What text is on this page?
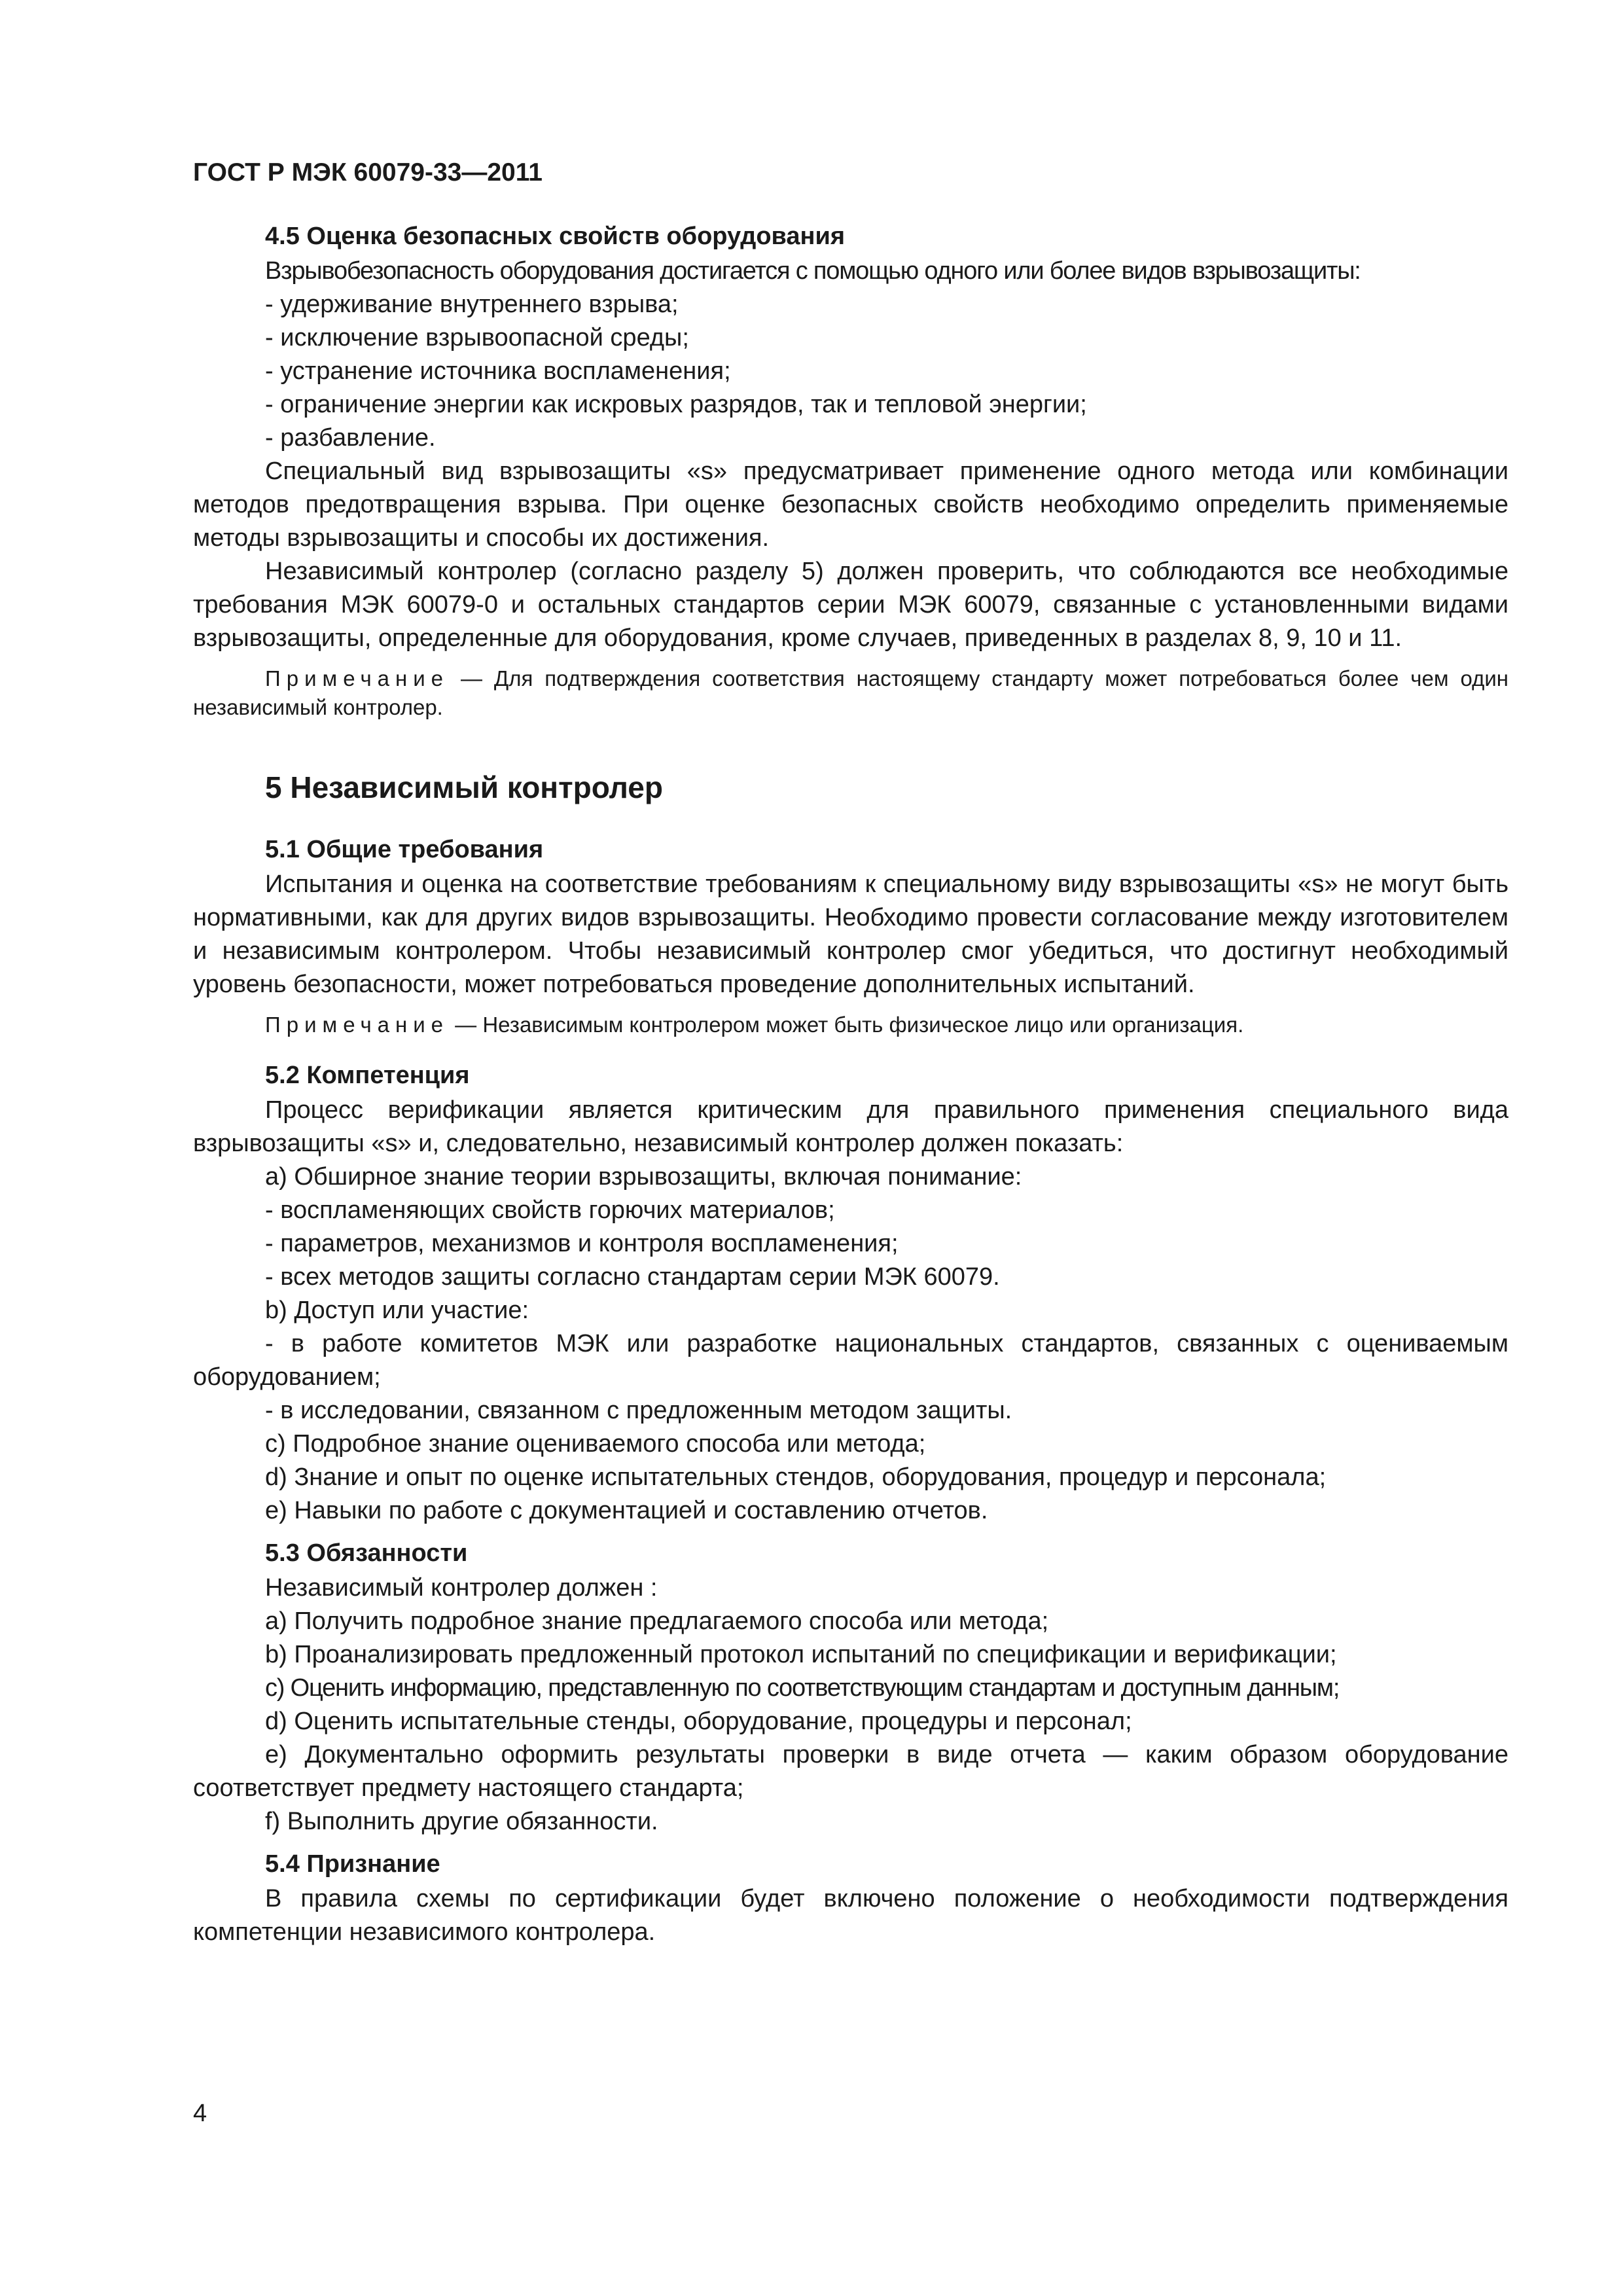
ГОСТ Р МЭК 60079-33—2011
4.5 Оценка безопасных свойств оборудования

Взрывобезопасность оборудования достигается с помощью одного или более видов взрывозащиты:

- удерживание внутреннего взрыва;

- исключение взрывоопасной среды;

- устранение источника воспламенения;

- ограничение энергии как искровых разрядов, так и тепловой энергии;

- разбавление.

Специальный вид взрывозащиты «s» предусматривает применение одного метода или комбинации методов предотвращения взрыва. При оценке безопасных свойств необходимо определить применяемые методы взрывозащиты и способы их достижения.

Независимый контролер (согласно разделу 5) должен проверить, что соблюдаются все необходимые требования МЭК 60079-0 и остальных стандартов серии МЭК 60079, связанные с установленными видами взрывозащиты, определенные для оборудования, кроме случаев, приведенных в разделах 8, 9, 10 и 11.

Примечание — Для подтверждения соответствия настоящему стандарту может потребоваться более чем один независимый контролер.

5 Независимый контролер
5.1 Общие требования

Испытания и оценка на соответствие требованиям к специальному виду взрывозащиты «s» не могут быть нормативными, как для других видов взрывозащиты. Необходимо провести согласование между изготовителем и независимым контролером. Чтобы независимый контролер смог убедиться, что достигнут необходимый уровень безопасности, может потребоваться проведение дополнительных испытаний.

Примечание — Независимым контролером может быть физическое лицо или организация.

5.2 Компетенция

Процесс верификации является критическим для правильного применения специального вида взрывозащиты «s» и, следовательно, независимый контролер должен показать:

a) Обширное знание теории взрывозащиты, включая понимание:

- воспламеняющих свойств горючих материалов;

- параметров, механизмов и контроля воспламенения;

- всех методов защиты согласно стандартам серии МЭК 60079.

b) Доступ или участие:

- в работе комитетов МЭК или разработке национальных стандартов, связанных с оцениваемым оборудованием;

- в исследовании, связанном с предложенным методом защиты.

c) Подробное знание оцениваемого способа или метода;

d) Знание и опыт по оценке испытательных стендов, оборудования, процедур и персонала;

e) Навыки по работе с документацией и составлению отчетов.

5.3 Обязанности

Независимый контролер должен :

a) Получить подробное знание предлагаемого способа или метода;

b) Проанализировать предложенный протокол испытаний по спецификации и верификации;

c) Оценить информацию, представленную по соответствующим стандартам и доступным данным;

d) Оценить испытательные стенды, оборудование, процедуры и персонал;

e) Документально оформить результаты проверки в виде отчета — каким образом оборудование соответствует предмету настоящего стандарта;

f) Выполнить другие обязанности.

5.4 Признание

В правила схемы по сертификации будет включено положение о необходимости подтверждения компетенции независимого контролера.

4
